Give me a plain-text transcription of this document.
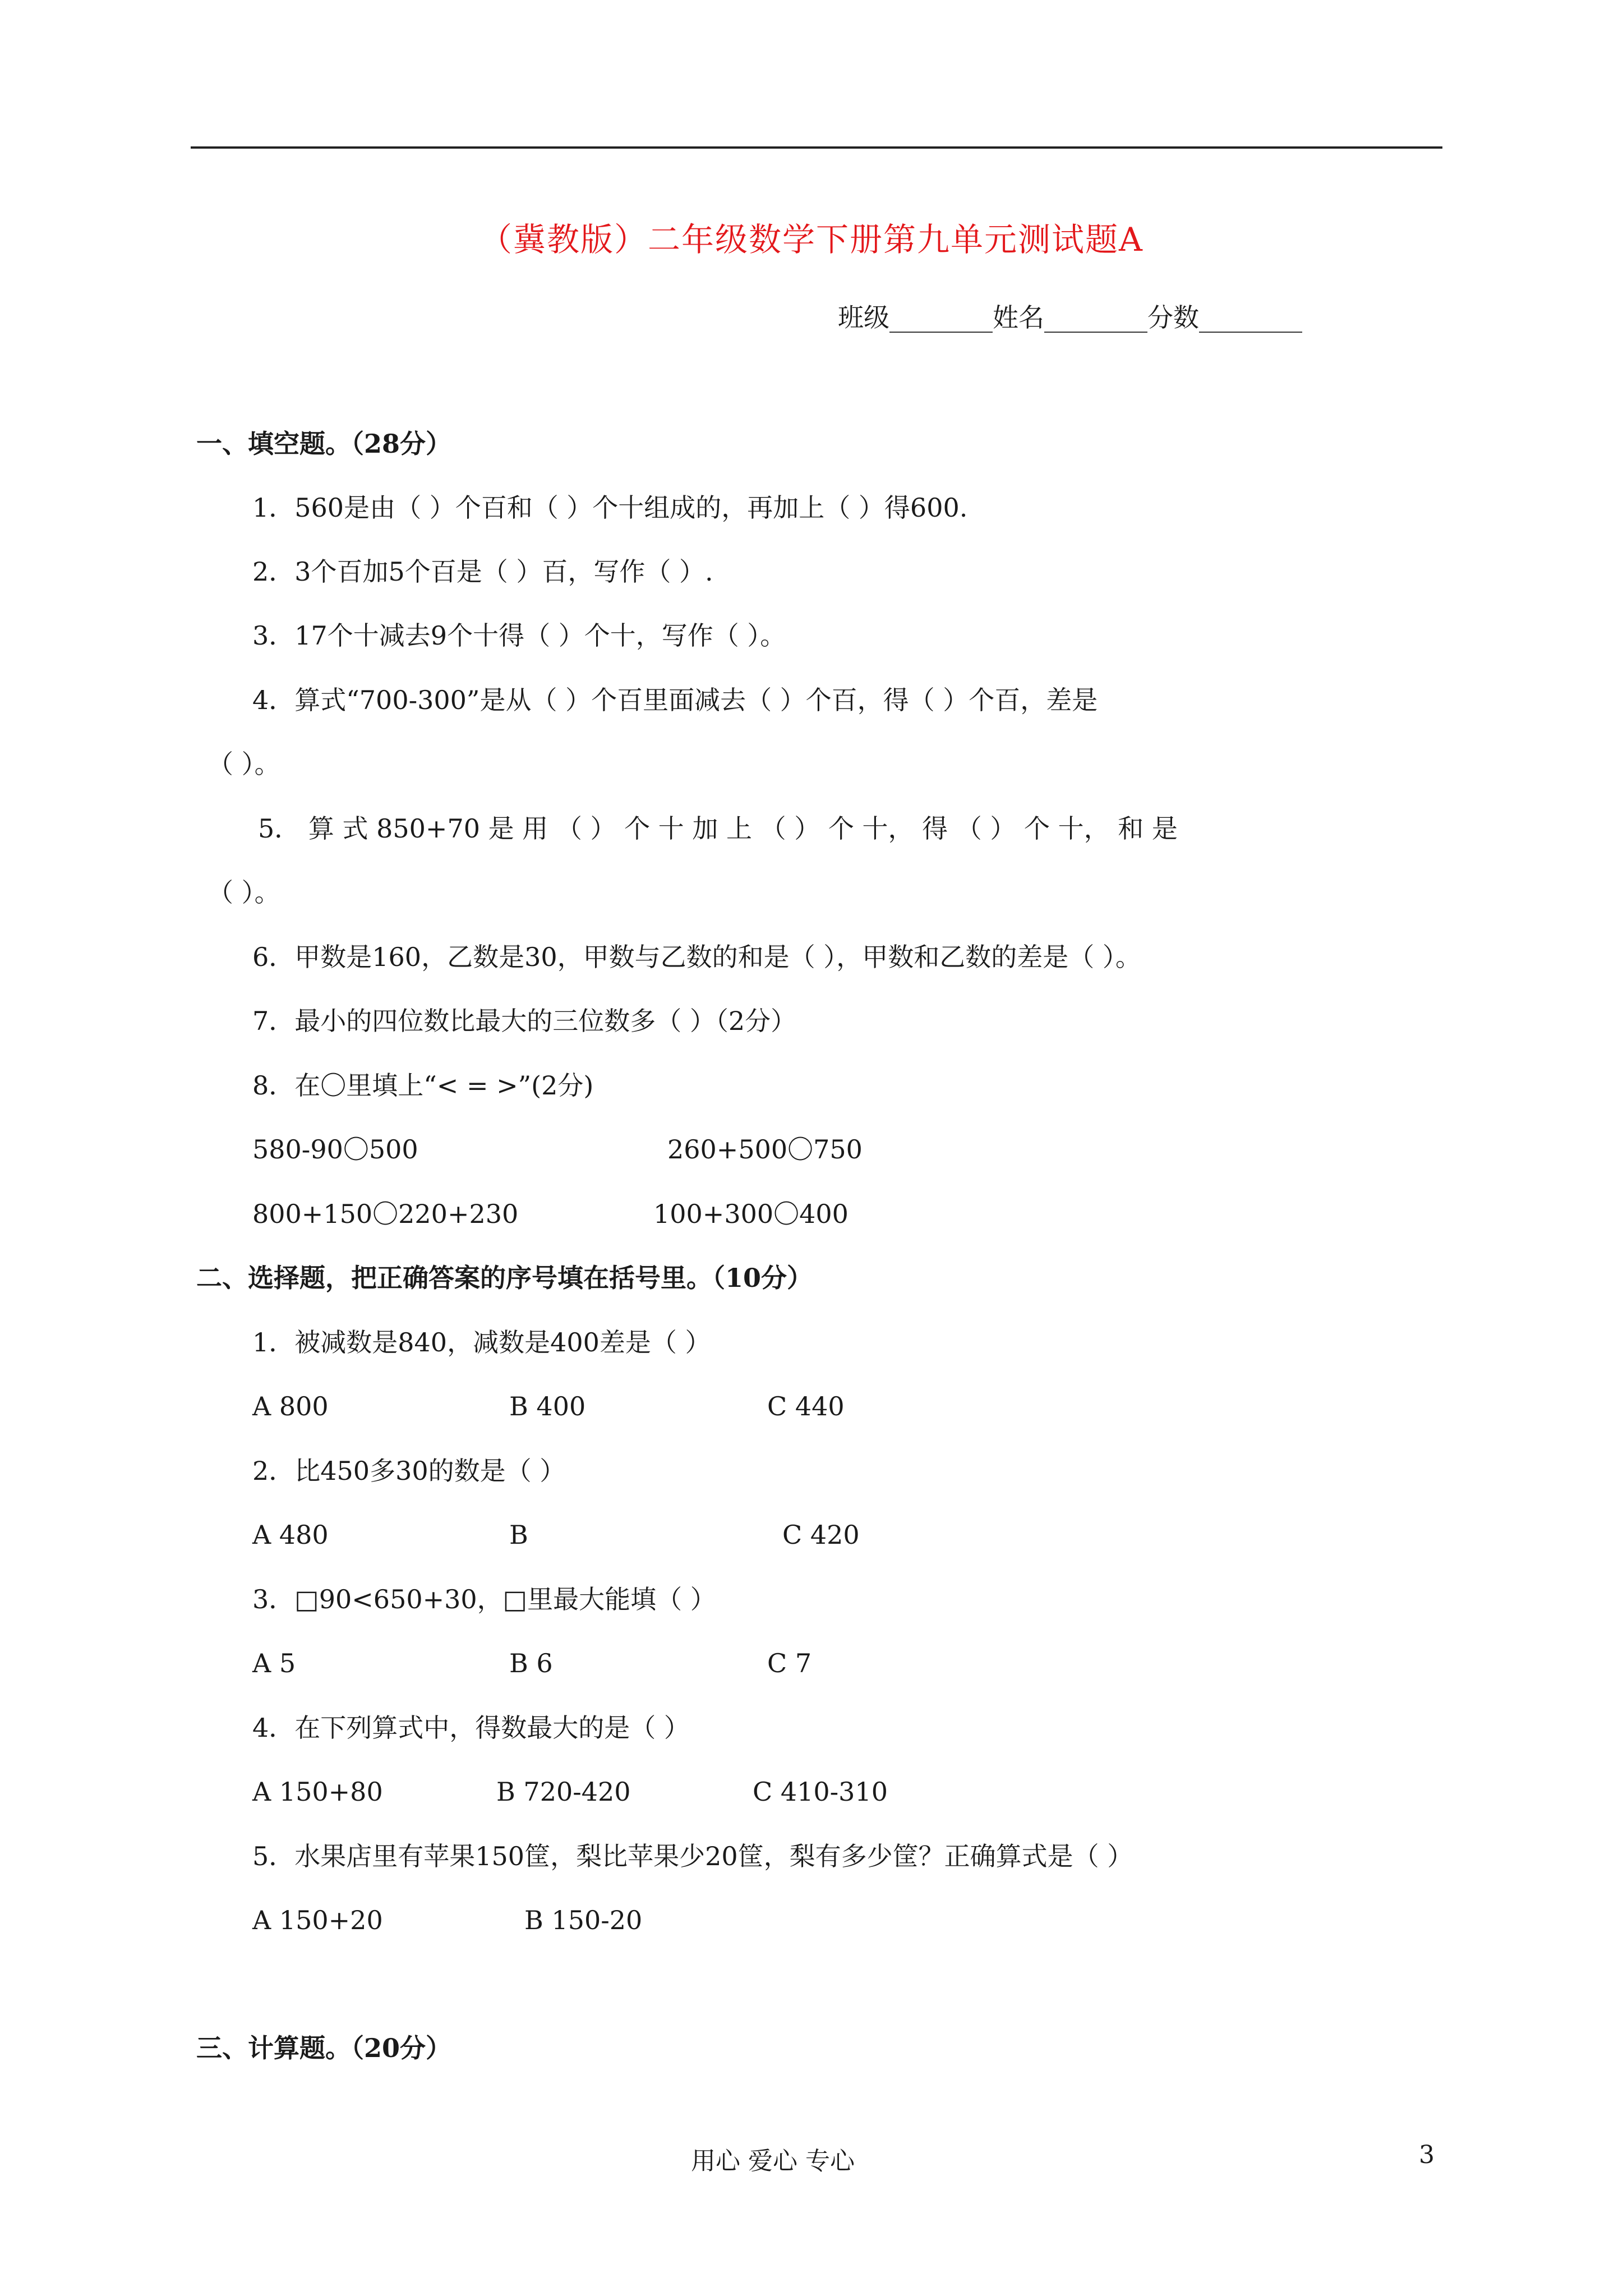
（冀教版）二年级数学下册第九单元测试题A
班级________姓名________分数________
一、填空题。（28分）
1．560是由（ ）个百和（ ）个十组成的，再加上（ ）得600.
2．3个百加5个百是（ ）百，写作（ ）.
3．17个十减去9个十得（ ）个十，写作（ ）。
4．算式“700-300”是从（ ）个百里面减去（ ）个百，得（ ）个百，差是
（ ）。
5． 算 式 850+70 是 用 （ ） 个 十 加 上 （ ） 个 十， 得 （ ） 个 十， 和 是
（ ）。
6．甲数是160，乙数是30，甲数与乙数的和是（ ），甲数和乙数的差是（ ）。
7．最小的四位数比最大的三位数多（ ）（2分）
8．在〇里填上“< = >”(2分)
580-90〇500	260+500〇750
800+150〇220+230	100+300〇400
二、选择题，把正确答案的序号填在括号里。（10分）
1．被减数是840，减数是400差是（ ）
A 800	B 400	C 440
2．比450多30的数是（ ）
A 480	B	C 420
3．□90<650+30，□里最大能填（ ）
A 5	B 6	C 7
4．在下列算式中，得数最大的是（ ）
A 150+80	B 720-420	C 410-310
5．水果店里有苹果150筐，梨比苹果少20筐，梨有多少筐？正确算式是（ ）
A 150+20	B 150-20
三、计算题。（20分）
用心 爱心 专心	3
